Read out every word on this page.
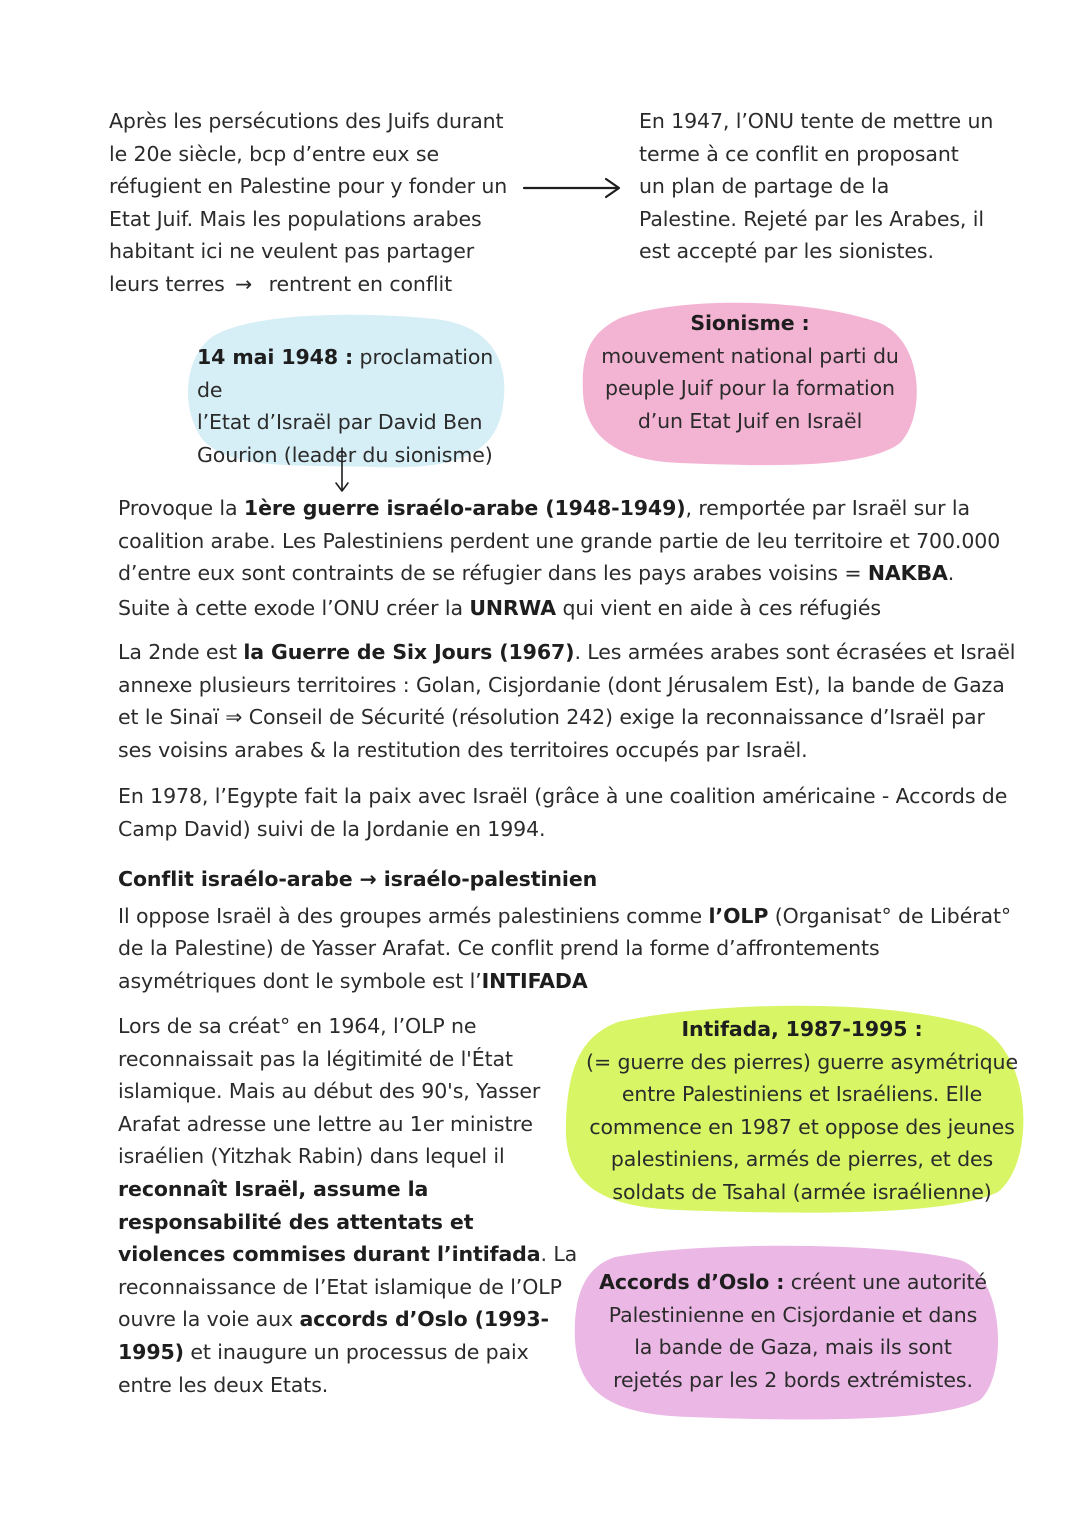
Après les persécutions des Juifs durant
le 20e siècle, bcp d’entre eux se
réfugient en Palestine pour y fonder un
Etat Juif. Mais les populations arabes
habitant ici ne veulent pas partager
leurs terres → rentrent en conflit
En 1947, l’ONU tente de mettre un
terme à ce conflit en proposant
un plan de partage de la
Palestine. Rejeté par les Arabes, il
est accepté par les sionistes.
14 mai 1948 : proclamation de
l’Etat d’Israël par David Ben
Gourion (leader du sionisme)
Sionisme :
mouvement national parti du
peuple Juif pour la formation
d’un Etat Juif en Israël
Provoque la 1ère guerre israélo-arabe (1948-1949), remportée par Israël sur la
coalition arabe. Les Palestiniens perdent une grande partie de leu territoire et 700.000
d’entre eux sont contraints de se réfugier dans les pays arabes voisins = NAKBA.
Suite à cette exode l’ONU créer la UNRWA qui vient en aide à ces réfugiés
La 2nde est la Guerre de Six Jours (1967). Les armées arabes sont écrasées et Israël
annexe plusieurs territoires : Golan, Cisjordanie (dont Jérusalem Est), la bande de Gaza
et le Sinaï ⇒ Conseil de Sécurité (résolution 242) exige la reconnaissance d’Israël par
ses voisins arabes & la restitution des territoires occupés par Israël.
En 1978, l’Egypte fait la paix avec Israël (grâce à une coalition américaine - Accords de
Camp David) suivi de la Jordanie en 1994.
Conflit israélo-arabe → israélo-palestinien
Il oppose Israël à des groupes armés palestiniens comme l’OLP (Organisat° de Libérat°
de la Palestine) de Yasser Arafat. Ce conflit prend la forme d’affrontements
asymétriques dont le symbole est l’INTIFADA
Lors de sa créat° en 1964, l’OLP ne
reconnaissait pas la légitimité de l'État
islamique. Mais au début des 90's, Yasser
Arafat adresse une lettre au 1er ministre
israélien (Yitzhak Rabin) dans lequel il
reconnaît Israël, assume la
responsabilité des attentats et
violences commises durant l’intifada. La
reconnaissance de l’Etat islamique de l’OLP
ouvre la voie aux accords d’Oslo (1993-
1995) et inaugure un processus de paix
entre les deux Etats.
Intifada, 1987-1995 :
(= guerre des pierres) guerre asymétrique
entre Palestiniens et Israéliens. Elle
commence en 1987 et oppose des jeunes
palestiniens, armés de pierres, et des
soldats de Tsahal (armée israélienne)
Accords d’Oslo : créent une autorité
Palestinienne en Cisjordanie et dans
la bande de Gaza, mais ils sont
rejetés par les 2 bords extrémistes.
